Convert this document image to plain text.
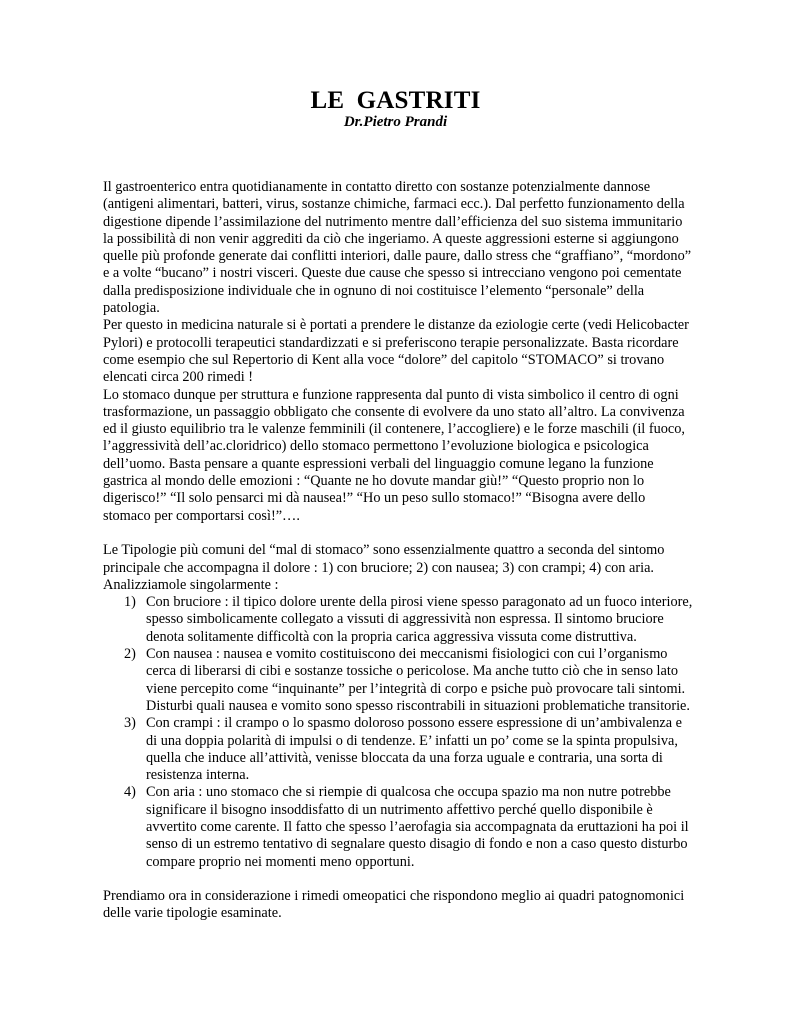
LE GASTRITI
Dr.Pietro Prandi

Il gastroenterico entra quotidianamente in contatto diretto con sostanze potenzialmente dannose (antigeni alimentari, batteri, virus, sostanze chimiche, farmaci ecc.). Dal perfetto funzionamento della digestione dipende l’assimilazione del nutrimento mentre dall’efficienza del suo sistema immunitario la possibilità di non venir aggrediti da ciò che ingeriamo. A queste aggressioni esterne si aggiungono quelle più profonde generate dai conflitti interiori, dalle paure, dallo stress che “graffiano”, “mordono” e a volte “bucano” i nostri visceri. Queste due cause che spesso si intrecciano vengono poi cementate dalla predisposizione individuale che in ognuno di noi costituisce l’elemento “personale” della patologia.

Per questo in medicina naturale si è portati a prendere le distanze da eziologie certe (vedi Helicobacter Pylori) e protocolli terapeutici standardizzati e si preferiscono terapie personalizzate. Basta ricordare come esempio che sul Repertorio di Kent alla voce “dolore” del capitolo “STOMACO” si trovano elencati circa 200 rimedi !

Lo stomaco dunque per struttura e funzione rappresenta dal punto di vista simbolico il centro di ogni trasformazione, un passaggio obbligato che consente di evolvere da uno stato all’altro. La convivenza ed il giusto equilibrio tra le valenze femminili (il contenere, l’accogliere) e le forze maschili (il fuoco, l’aggressività dell’ac.cloridrico) dello stomaco permettono l’evoluzione biologica e psicologica dell’uomo. Basta pensare a quante espressioni verbali del linguaggio comune legano la funzione gastrica al mondo delle emozioni : “Quante ne ho dovute mandar giù!” “Questo proprio non lo digeriscο!” “Il solo pensarci mi dà nausea!” “Ho un peso sullo stomaco!” “Bisogna avere dello stomaco per comportarsi così!”….

Le Tipologie più comuni del “mal di stomaco” sono essenzialmente quattro a seconda del sintomo principale che accompagna il dolore : 1) con bruciore; 2) con nausea; 3) con crampi; 4) con aria.

Analizziamole singolarmente :

1) Con bruciore : il tipico dolore urente della pirosi viene spesso paragonato ad un fuoco interiore, spesso simbolicamente collegato a vissuti di aggressività non espressa. Il sintomo bruciore denota solitamente difficoltà con la propria carica aggressiva vissuta come distruttiva.
2) Con nausea : nausea e vomito costituiscono dei meccanismi fisiologici con cui l’organismo cerca di liberarsi di cibi e sostanze tossiche o pericolose. Ma anche tutto ciò che in senso lato viene percepito come “inquinante” per l’integrità di corpo e psiche può provocare tali sintomi. Disturbi quali nausea e vomito sono spesso riscontrabili in situazioni problematiche transitorie.
3) Con crampi : il crampo o lo spasmo doloroso possono essere espressione di un’ambivalenza e di una doppia polarità di impulsi o di tendenze. E’ infatti un po’ come se la spinta propulsiva, quella che induce all’attività, venisse bloccata da una forza uguale e contraria, una sorta di resistenza interna.
4) Con aria : uno stomaco che si riempie di qualcosa che occupa spazio ma non nutre potrebbe significare il bisogno insoddisfatto di un nutrimento affettivo perché quello disponibile è avvertito come carente. Il fatto che spesso l’aerofagia sia accompagnata da eruttazioni ha poi il senso di un estremo tentativo di segnalare questo disagio di fondo e non a caso questo disturbo compare proprio nei momenti meno opportuni.

Prendiamo ora in considerazione i rimedi omeopatici che rispondono meglio ai quadri patognomonici delle varie tipologie esaminate.
